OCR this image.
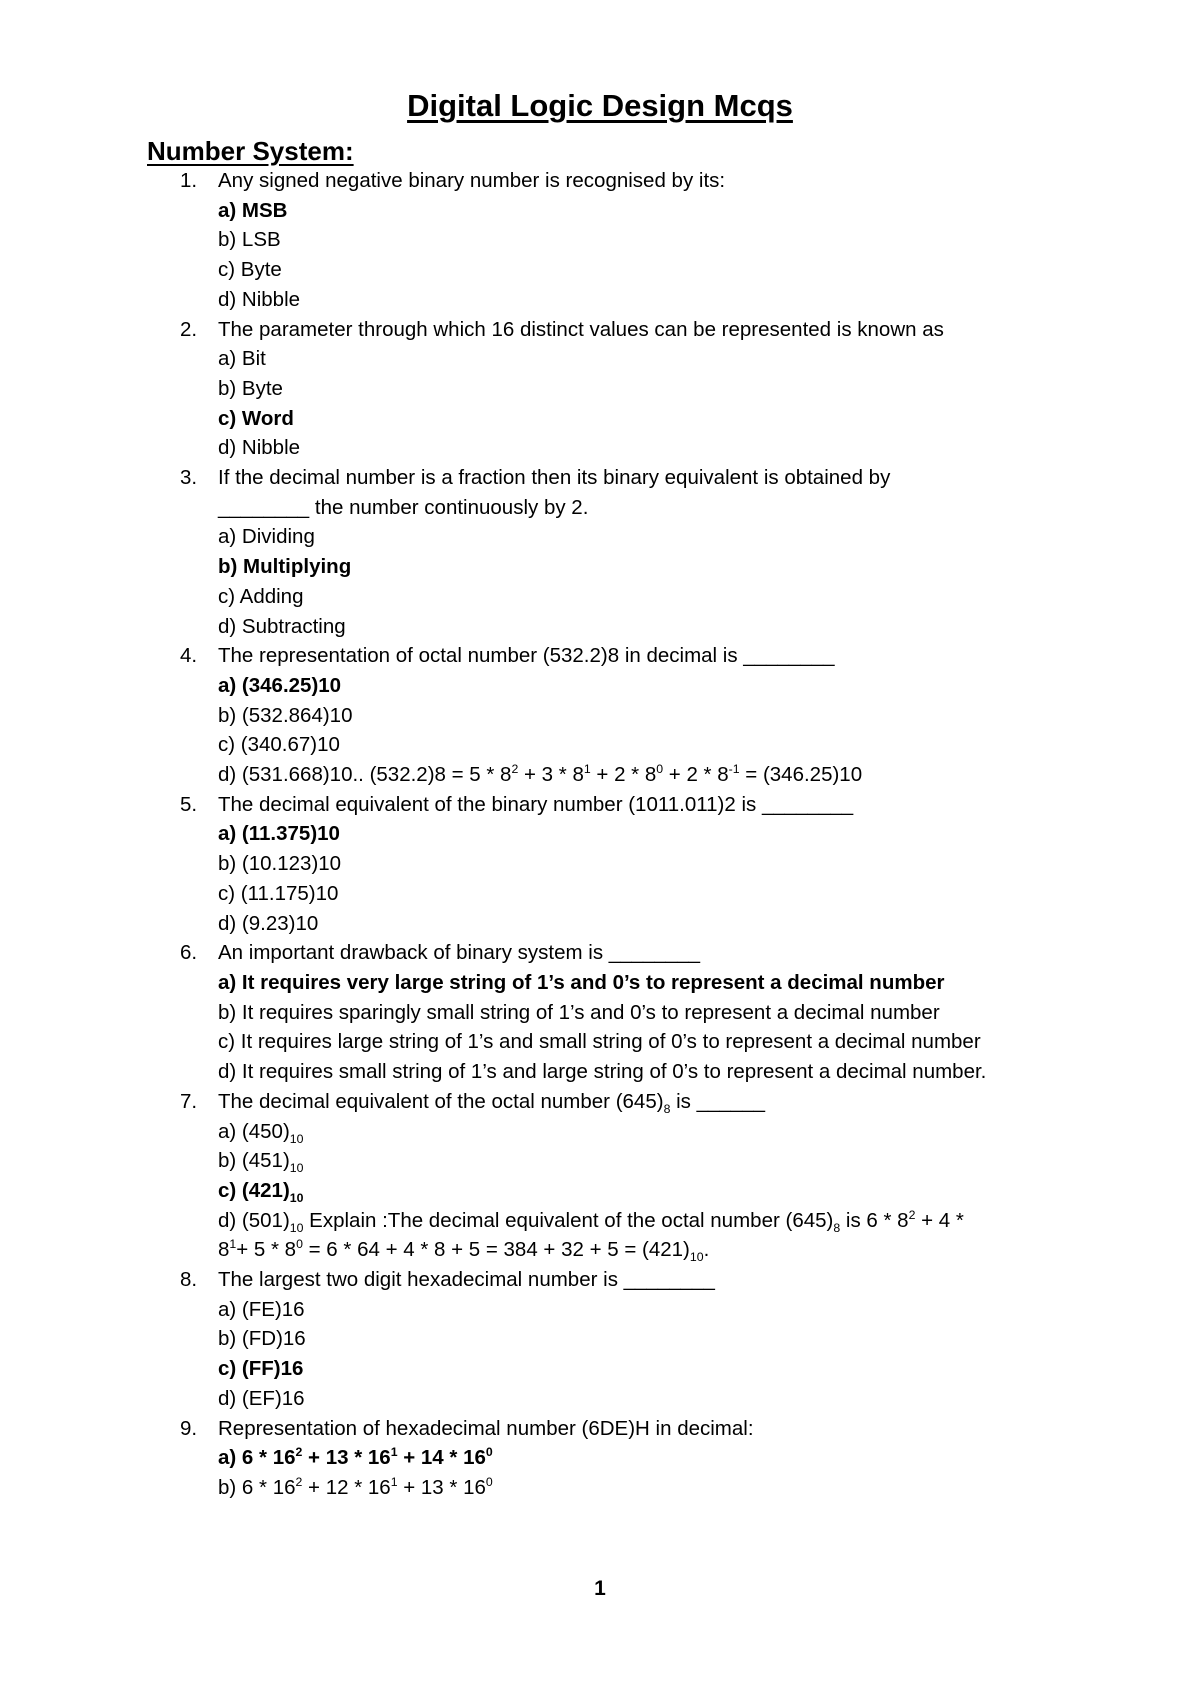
Digital Logic Design Mcqs
Number System:
1.	Any signed negative binary number is recognised by its:
a) MSB
b) LSB
c) Byte
d) Nibble
2.	The parameter through which 16 distinct values can be represented is known as
a) Bit
b) Byte
c) Word
d) Nibble
3.	If the decimal number is a fraction then its binary equivalent is obtained by
________ the number continuously by 2.
a) Dividing
b) Multiplying
c) Adding
d) Subtracting
4.	The representation of octal number (532.2)8 in decimal is ________
a) (346.25)10
b) (532.864)10
c) (340.67)10
d) (531.668)10.. $(532.2)8 = 5 * 8^2 + 3 * 8^1 + 2 * 8^0 + 2 * 8^{-1} = (346.25)10$
5.	The decimal equivalent of the binary number (1011.011)2 is ________
a) (11.375)10
b) (10.123)10
c) (11.175)10
d) (9.23)10
6.	An important drawback of binary system is ________
a) It requires very large string of 1’s and 0’s to represent a decimal number
b) It requires sparingly small string of 1’s and 0’s to represent a decimal number
c) It requires large string of 1’s and small string of 0’s to represent a decimal number
d) It requires small string of 1’s and large string of 0’s to represent a decimal number.
7.	The decimal equivalent of the octal number $(645)_8$ is ______
a) $(450)_{10}$
b) $(451)_{10}$
c) $(421)_{10}$
d) $(501)_{10}$ Explain :The decimal equivalent of the octal number $(645)_8$ is $6 * 8^2 + 4$ *
$8^1+ 5 * 8^0 = 6 * 64 + 4 * 8 + 5 = 384 + 32 + 5 = (421)_{10}$.
8.	The largest two digit hexadecimal number is ________
a) (FE)16
b) (FD)16
c) (FF)16
d) (EF)16
9.	Representation of hexadecimal number (6DE)H in decimal:
a) $6 * 16^2 + 13 * 16^1 + 14 * 16^0$
b) $6 * 16^2 + 12 * 16^1 + 13 * 16^0$
1
